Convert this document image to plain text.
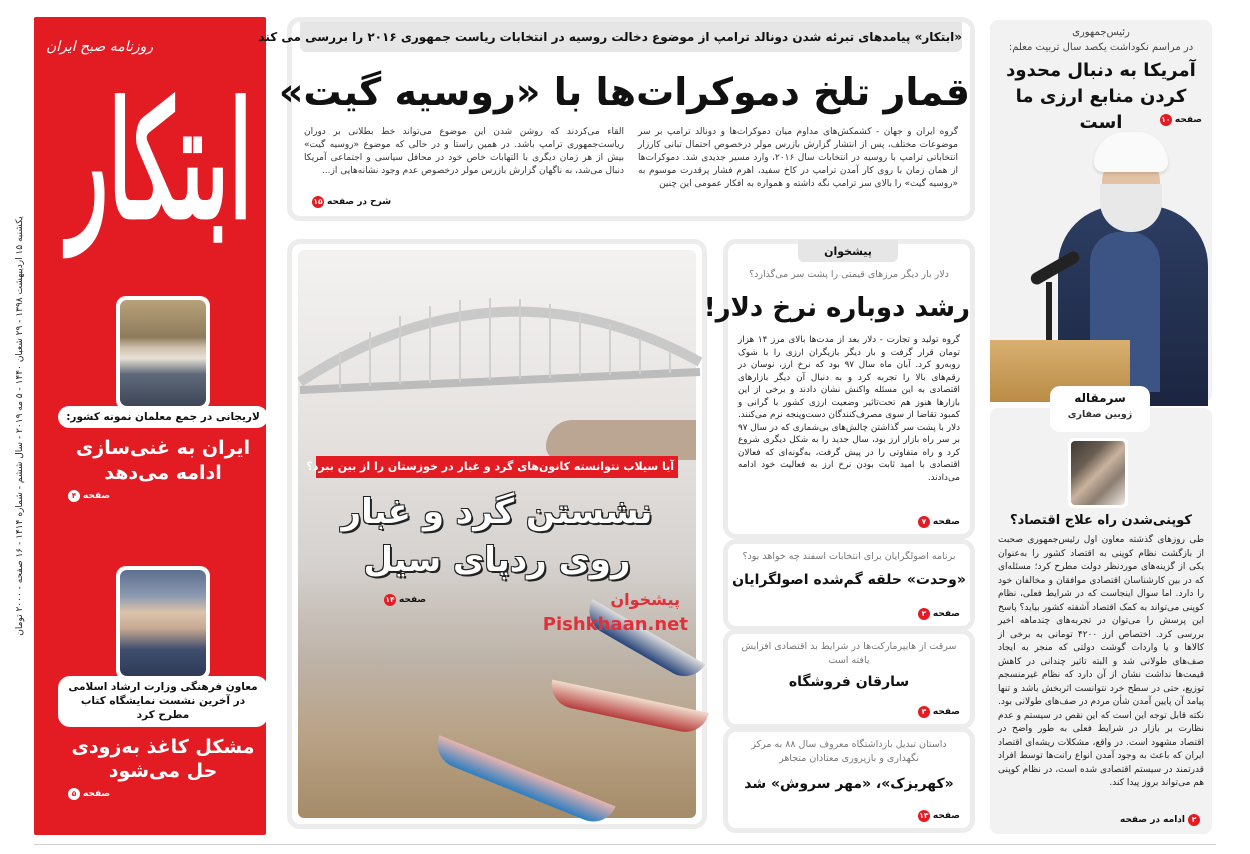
یکشنبه ۱۵ اردیبهشت ۱۳۹۸ - ۲۹ شعبان ۱۴۴۰ - ۵ مه ۲۰۱۹ - سال ششم - شماره ۱۴۱۴ - ۱۶ صفحه - ۲۰۰۰ تومان
روزنامه صبح ایران
ابتکار
لاریجانی در جمع معلمان نمونه کشور:
ایران به غنی‌سازی ادامه می‌دهد
۴ صفحه
معاون فرهنگی وزارت ارشاد اسلامی در آخرین نشست نمایشگاه کتاب مطرح کرد
مشکل کاغذ به‌زودی حل می‌شود
۵ صفحه
«ابتکار» پیامدهای تبرئه شدن دونالد ترامپ از موضوع دخالت روسیه در انتخابات ریاست جمهوری ۲۰۱۶ را بررسی می کند
قمار تلخ دموکرات‌ها با «روسیه گیت»
گروه ایران و جهان - کشمکش‌های مداوم میان دموکرات‌ها و دونالد ترامپ بر سر موضوعات مختلف، پس از انتشار گزارش بازرس مولر درخصوص احتمال تبانی کارزار انتخاباتی ترامپ با روسیه در انتخابات سال ۲۰۱۶، وارد مسیر جدیدی شد. دموکرات‌ها از همان زمان با روی کار آمدن ترامپ در کاخ سفید، اهرم فشار پرقدرت موسوم به «روسیه گیت» را بالای سر ترامپ نگه داشته و همواره به افکار عمومی این چنین
القاء می‌کردند که روشن شدن این موضوع می‌تواند خط بطلانی بر دوران ریاست‌جمهوری ترامپ باشد. در همین راستا و در حالی که موضوع «روسیه گیت» بیش از هر زمان دیگری با التهابات خاص خود در محافل سیاسی و اجتماعی آمریکا دنبال می‌شد، به ناگهان گزارش بازرس مولر درخصوص عدم وجود نشانه‌هایی از...
شرح در صفحه
۱۵
رئیس‌جمهوری
در مراسم نکوداشت یکصد سال تربیت معلم:
آمریکا به دنبال محدود کردن منابع ارزی ما است	صفحه
۱۰
سرمقاله
ژوبین صفاری
کوپنی‌شدن راه علاج اقتصاد؟
طی روزهای گذشته معاون اول رئیس‌جمهوری صحبت از بازگشت نظام کوپنی به اقتصاد کشور را به‌عنوان یکی از گزینه‌های موردنظر دولت مطرح کرد؛ مسئله‌ای که در بین کارشناسان اقتصادی موافقان و مخالفان خود را دارد. اما سوال اینجاست که در شرایط فعلی، نظام کوپنی می‌تواند به کمک اقتصاد آشفته کشور بیاید؟ پاسخ این پرسش را می‌توان در تجربه‌های چندماهه اخیر بررسی کرد. اختصاص ارز ۴۲۰۰ تومانی به برخی از کالاها و یا واردات گوشت دولتی که منجر به ایجاد صف‌های طولانی شد و البته تاثیر چندانی در کاهش قیمت‌ها نداشت نشان از آن دارد که نظام غیرمنسجم توزیع، حتی در سطح خرد نتوانست اثربخش باشد و تنها پیامد آن پایین آمدن شأن مردم در صف‌های طولانی بود. نکته قابل توجه این است که این نقص در سیستم و عدم نظارت بر بازار در شرایط فعلی به طور واضح در اقتصاد مشهود است. در واقع، مشکلات ریشه‌ای اقتصاد ایران که باعث به وجود آمدن انواع رانت‌ها توسط افراد قدرتمند در سیستم اقتصادی شده است، در نظام کوپنی هم می‌تواند بروز پیدا کند.
۲
ادامه در صفحه
آیا سیلاب نتوانسته کانون‌های گرد و غبار در خوزستان را از بین ببرد؟
نشستن گرد و غبار
روی ردپای سیل
صفحه
۱۴	پیشخوان
Pishkhaan.net
پیشخوان
دلار بار دیگر مرزهای قیمتی را پشت سر می‌گذارد؟
رشد دوباره نرخ دلار!
گروه تولید و تجارت - دلار بعد از مدت‌ها بالای مرز ۱۴ هزار تومان قرار گرفت و بار دیگر بازیگران ارزی را با شوک روبه‌رو کرد. آبان ماه سال ۹۷ بود که نرخ ارز، نوسان در رقم‌های بالا را تجربه کرد و به دنبال آن دیگر بازارهای اقتصادی به این مسئله واکنش نشان دادند و برخی از این بازارها هنوز هم تحت‌تاثیر وضعیت ارزی کشور با گرانی و کمبود تقاضا از سوی مصرف‌کنندگان دست‌وپنجه نرم می‌کنند. دلار با پشت سر گذاشتن چالش‌های بی‌شماری که در سال ۹۷ بر سر راه بازار ارز بود، سال جدید را به شکل دیگری شروع کرد و راه متفاوتی را در پیش گرفت، به‌گونه‌ای که فعالان اقتصادی با امید ثابت بودن نرخ ارز به فعالیت خود ادامه می‌دادند.
صفحه
۷
برنامه اصولگرایان برای انتخابات اسفند چه خواهد بود؟
«وحدت» حلقه گم‌شده اصولگرایان
صفحه
۲
سرقت از هایپرمارکت‌ها در شرایط بد اقتصادی افزایش یافته است
سارقان فروشگاه
صفحه
۳
داستان تبدیل بازداشتگاه معروف سال ۸۸ به مرکز نگهداری و بازپروری معتادان متجاهر
«کهریزک»، «مهر سروش» شد
صفحه
۱۳
